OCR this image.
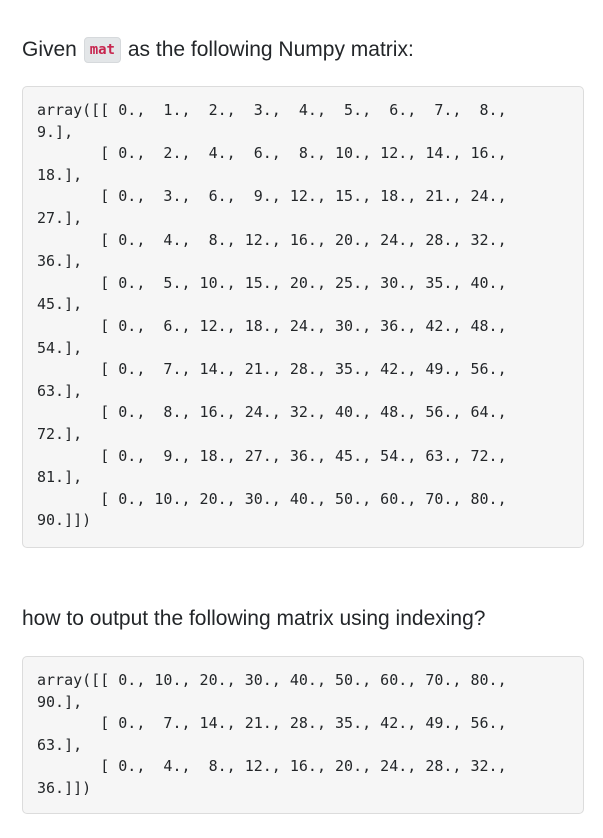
Given mat as the following Numpy matrix:
array([[ 0.,  1.,  2.,  3.,  4.,  5.,  6.,  7.,  8.,
9.],
[ 0.,  2.,  4.,  6.,  8., 10., 12., 14., 16.,
18.],
[ 0.,  3.,  6.,  9., 12., 15., 18., 21., 24.,
27.],
[ 0.,  4.,  8., 12., 16., 20., 24., 28., 32.,
36.],
[ 0.,  5., 10., 15., 20., 25., 30., 35., 40.,
45.],
[ 0.,  6., 12., 18., 24., 30., 36., 42., 48.,
54.],
[ 0.,  7., 14., 21., 28., 35., 42., 49., 56.,
63.],
[ 0.,  8., 16., 24., 32., 40., 48., 56., 64.,
72.],
[ 0.,  9., 18., 27., 36., 45., 54., 63., 72.,
81.],
[ 0., 10., 20., 30., 40., 50., 60., 70., 80.,
90.]])
how to output the following matrix using indexing?
array([[ 0., 10., 20., 30., 40., 50., 60., 70., 80.,
90.],
[ 0.,  7., 14., 21., 28., 35., 42., 49., 56.,
63.],
[ 0.,  4.,  8., 12., 16., 20., 24., 28., 32.,
36.]])
